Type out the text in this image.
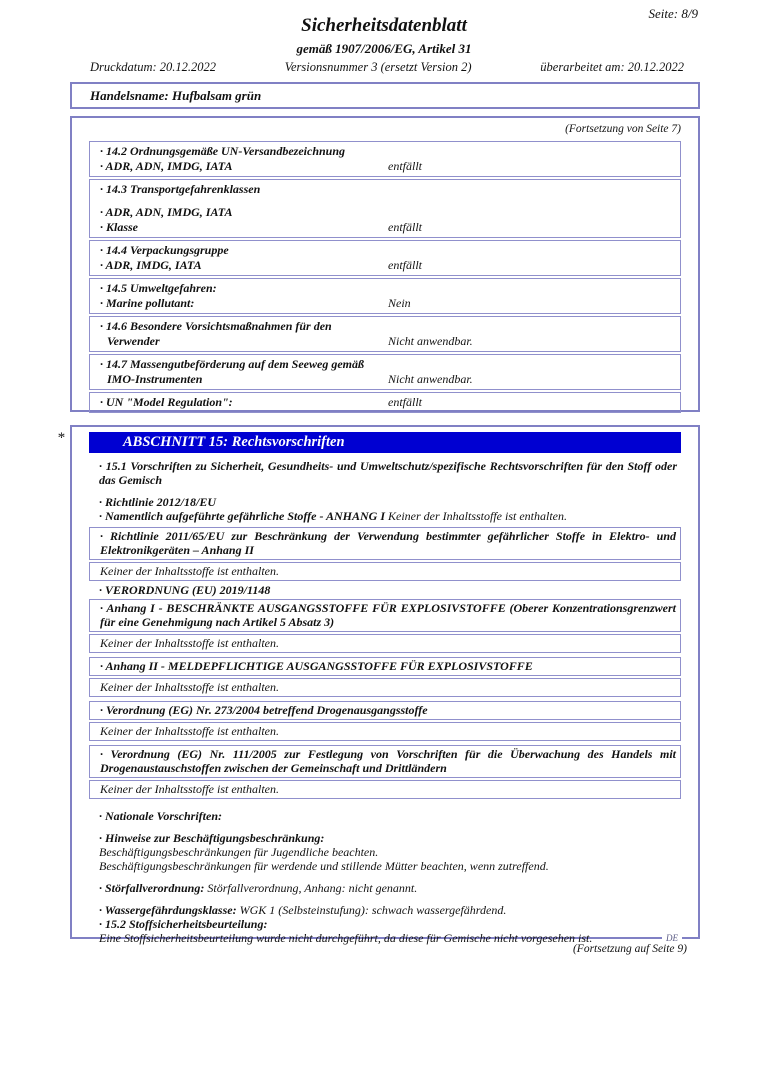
Seite: 8/9
Sicherheitsdatenblatt
gemäß 1907/2006/EG, Artikel 31
Druckdatum: 20.12.2022	Versionsnummer 3 (ersetzt Version 2)	überarbeitet am: 20.12.2022
Handelsname: Hufbalsam grün
(Fortsetzung von Seite 7)
· 14.2 Ordnungsgemäße UN-Versandbezeichnung
· ADR, ADN, IMDG, IATA	entfällt
· 14.3 Transportgefahrenklassen
· ADR, ADN, IMDG, IATA
· Klasse	entfällt
· 14.4 Verpackungsgruppe
· ADR, IMDG, IATA	entfällt
· 14.5 Umweltgefahren:
· Marine pollutant:	Nein
· 14.6 Besondere Vorsichtsmaßnahmen für den
Verwender	Nicht anwendbar.
· 14.7 Massengutbeförderung auf dem Seeweg gemäß
IMO-Instrumenten	Nicht anwendbar.
· UN "Model Regulation":	entfällt
*	ABSCHNITT 15: Rechtsvorschriften
· 15.1 Vorschriften zu Sicherheit, Gesundheits- und Umweltschutz/spezifische Rechtsvorschriften für den Stoff oder das Gemisch
· Richtlinie 2012/18/EU
· Namentlich aufgeführte gefährliche Stoffe - ANHANG I Keiner der Inhaltsstoffe ist enthalten.
· Richtlinie 2011/65/EU zur Beschränkung der Verwendung bestimmter gefährlicher Stoffe in Elektro- und Elektronikgeräten – Anhang II
Keiner der Inhaltsstoffe ist enthalten.
· VERORDNUNG (EU) 2019/1148
· Anhang I - BESCHRÄNKTE AUSGANGSSTOFFE FÜR EXPLOSIVSTOFFE (Oberer Konzentrationsgrenzwert für eine Genehmigung nach Artikel 5 Absatz 3)
Keiner der Inhaltsstoffe ist enthalten.
· Anhang II - MELDEPFLICHTIGE AUSGANGSSTOFFE FÜR EXPLOSIVSTOFFE
Keiner der Inhaltsstoffe ist enthalten.
· Verordnung (EG) Nr. 273/2004 betreffend Drogenausgangsstoffe
Keiner der Inhaltsstoffe ist enthalten.
· Verordnung (EG) Nr. 111/2005 zur Festlegung von Vorschriften für die Überwachung des Handels mit Drogenaustauschstoffen zwischen der Gemeinschaft und Drittländern
Keiner der Inhaltsstoffe ist enthalten.
· Nationale Vorschriften:
· Hinweise zur Beschäftigungsbeschränkung:
Beschäftigungsbeschränkungen für Jugendliche beachten.
Beschäftigungsbeschränkungen für werdende und stillende Mütter beachten, wenn zutreffend.
· Störfallverordnung: Störfallverordnung, Anhang: nicht genannt.
· Wassergefährdungsklasse: WGK 1 (Selbsteinstufung): schwach wassergefährdend.
· 15.2 Stoffsicherheitsbeurteilung:
Eine Stoffsicherheitsbeurteilung wurde nicht durchgeführt, da diese für Gemische nicht vorgesehen ist.	DE
(Fortsetzung auf Seite 9)
